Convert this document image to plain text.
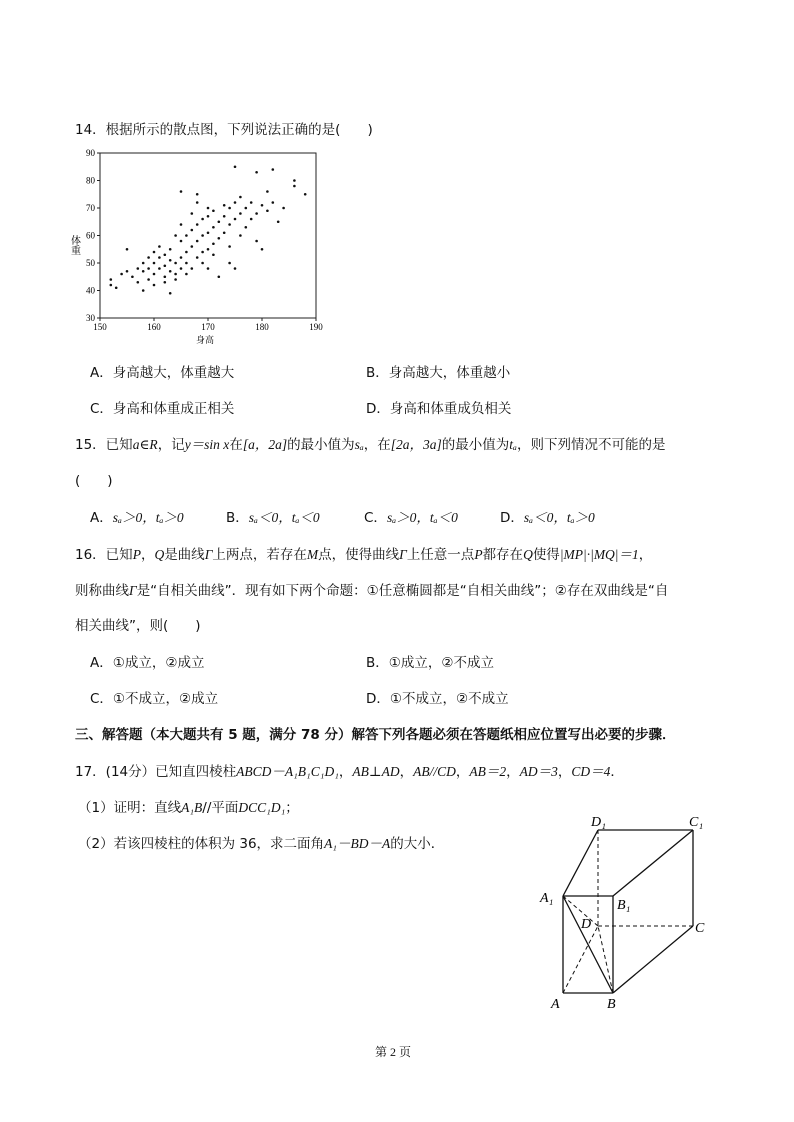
14．根据所示的散点图，下列说法正确的是(　　)
30
40
50
60
70
80
90
150	160	170	180	190
体重
身高
A．身高越大，体重越大	B．身高越大，体重越小
C．身高和体重成正相关	D．身高和体重成负相关
15．已知a∈R，记y＝sin x在[a，2a]的最小值为sₐ，在[2a，3a]的最小值为tₐ，则下列情况不可能的是
(　　)
A．sₐ＞0，tₐ＞0	B．sₐ＜0，tₐ＜0	C．sₐ＞0，tₐ＜0	D．sₐ＜0，tₐ＞0
16．已知P，Q是曲线Γ上两点，若存在M点，使得曲线Γ上任意一点P都存在Q使得|MP|·|MQ|＝1，
则称曲线Γ是“自相关曲线”．现有如下两个命题：①任意椭圆都是“自相关曲线”；②存在双曲线是“自
相关曲线”，则(　　)
A．①成立，②成立	B．①成立，②不成立
C．①不成立，②成立	D．①不成立，②不成立
三、解答题（本大题共有 5 题，满分 78 分）解答下列各题必须在答题纸相应位置写出必要的步骤．
17．(14分）已知直四棱柱ABCD－A₁B₁C₁D₁，AB⊥AD，AB//CD，AB＝2，AD＝3，CD＝4．
（1）证明：直线A₁B//平面DCC₁D₁；
（2）若该四棱柱的体积为 36，求二面角A₁－BD－A的大小．
D₁	C₁
A₁	B₁
D	C
A	B
第 2 页
